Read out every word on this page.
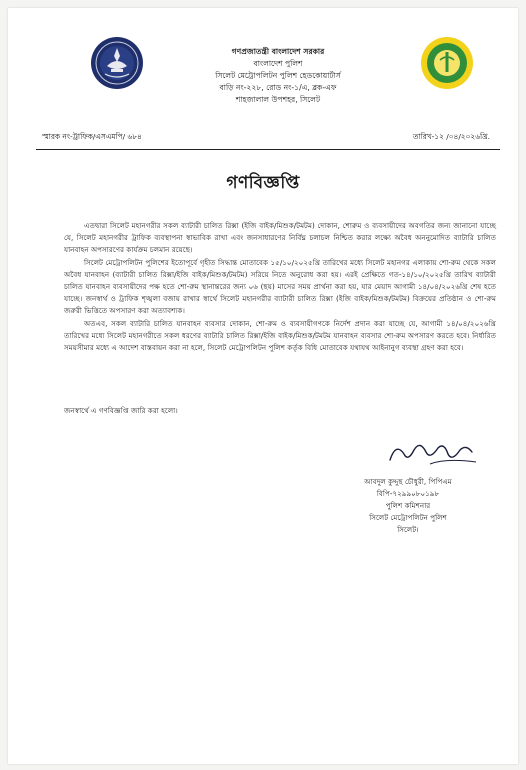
গণপ্রজাতন্ত্রী বাংলাদেশ সরকার
বাংলাদেশ পুলিশ
সিলেট মেট্রোপলিটন পুলিশ হেডকোয়ার্টার্স
বাড়ি নং-২২৮, রোড নং-১/এ, ব্লক-এফ
শাহজালাল উপশহর, সিলেট
স্মারক নং-ট্রাফিক/এসএমপি/ ৬৮৪	তারিখ-১২ /০৪/২০২৬খ্রি.
গণবিজ্ঞপ্তি

এতদ্বারা সিলেট মহানগরীর সকল ব্যাটারী চালিত রিক্সা (ইজি বাইক/মিশুক/টমটম) দোকান, শোরুম ও ব্যবসায়ীদের অবগতির জন্য জানানো যাচ্ছে যে, সিলেট মহানগরীর ট্রাফিক ব্যবস্থাপনা স্বাভাবিক রাখা এবং জনসাধারণের নির্বিঘ্ন চলাচল নিশ্চিত করার লক্ষ্যে অবৈধ অননুমোদিত ব্যাটারি চালিত যানবাহন অপসারণের কার্যক্রম চলমান রয়েছে।

সিলেট মেট্রোপলিটন পুলিশের ইতোপূর্বে গৃহীত সিদ্ধান্ত মোতাবেক ১৫/১০/২০২৫খ্রি তারিখের মধ্যে সিলেট মহানগর এলাকায় শো-রুম থেকে সকল অবৈধ যানবাহন (ব্যাটারী চালিত রিক্সা/ইজি বাইক/মিশুক/টমটম) সরিয়ে নিতে অনুরোধ করা হয়। এরই প্রেক্ষিতে গত-১৪/১০/২০২৫খ্রি তারিখ ব্যাটারী চালিত যানবাহন ব্যবসায়ীদের পক্ষ হতে শো-রুম স্থানান্তরের জন্য ০৬ (ছয়) মাসের সময় প্রার্থনা করা হয়, যার মেয়াদ আগামী ১৪/০৪/২০২৬খ্রি শেষ হতে যাচ্ছে। জনস্বার্থ ও ট্রাফিক শৃঙ্খলা বজায় রাখার স্বার্থে সিলেট মহানগরীর ব্যাটারী চালিত রিক্সা (ইজি বাইক/মিশুক/টমটম) বিক্রয়ের প্রতিষ্ঠান ও শো-রুম জরুরী ভিত্তিতে অপসারণ করা অত্যাবশ্যক।

অতএব, সকল ব্যাটারি চালিত যানবাহন ব্যবসার দোকান, শো-রুম ও ব্যবসায়ীগণকে নির্দেশ প্রদান করা যাচ্ছে যে, আগামী ১৪/০৪/২০২৬খ্রি তারিখের মধ্যে সিলেট মহানগরীতে সকল ধরণের ব্যাটারি চালিত রিক্সা/ইজি বাইক/মিশুক/টমটম যানবাহন ব্যবসার শো-রুম অপসারণ করতে হবে। নির্ধারিত সময়সীমার মধ্যে এ আদেশ বাস্তবায়ন করা না হলে, সিলেট মেট্রোপলিটন পুলিশ কর্তৃক বিধি মোতাবেক যথাযথ আইনানুগ ব্যবস্থা গ্রহণ করা হবে।

জনস্বার্থে এ গণবিজ্ঞপ্তি জারি করা হলো।
আবদুল কুদ্দুছ চৌধুরী, পিপিএম
বিপি-৭২৯৯০৮০১৯৮
পুলিশ কমিশনার
সিলেট মেট্রোপলিটন পুলিশ
সিলেট।
